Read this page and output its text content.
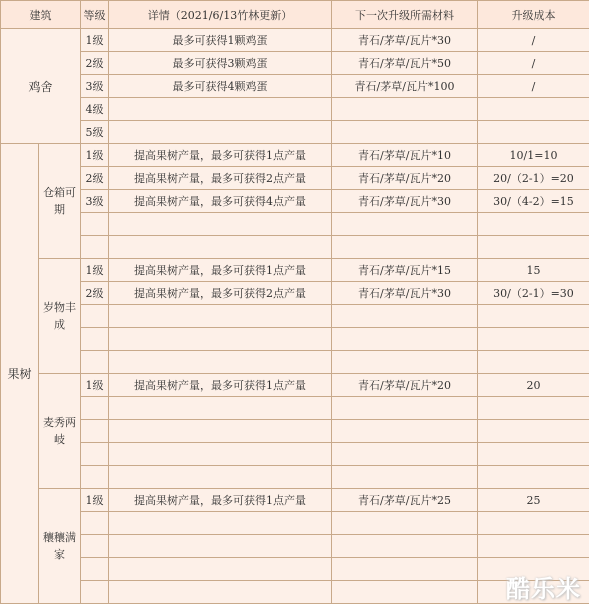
建筑		等级	详情（2021/6/13竹林更新）	下一次升级所需材料	升级成本
鸡舍		1级	最多可获得1颗鸡蛋	青石/茅草/瓦片*30	/
		2级	最多可获得3颗鸡蛋	青石/茅草/瓦片*50	/
		3级	最多可获得4颗鸡蛋	青石/茅草/瓦片*100	/
		4级			
		5级			
果树	仓箱可期	1级	提高果树产量，最多可获得1点产量	青石/茅草/瓦片*10	10/1=10
		2级	提高果树产量，最多可获得2点产量	青石/茅草/瓦片*20	20/（2-1）=20
		3级	提高果树产量，最多可获得4点产量	青石/茅草/瓦片*30	30/（4-2）=15

	岁物丰成	1级	提高果树产量，最多可获得1点产量	青石/茅草/瓦片*15	15
		2级	提高果树产量，最多可获得2点产量	青石/茅草/瓦片*30	30/（2-1）=30

	麦秀两岐	1级	提高果树产量，最多可获得1点产量	青石/茅草/瓦片*20	20

	穰穰满家	1级	提高果树产量，最多可获得1点产量	青石/茅草/瓦片*25	25

酷乐米
